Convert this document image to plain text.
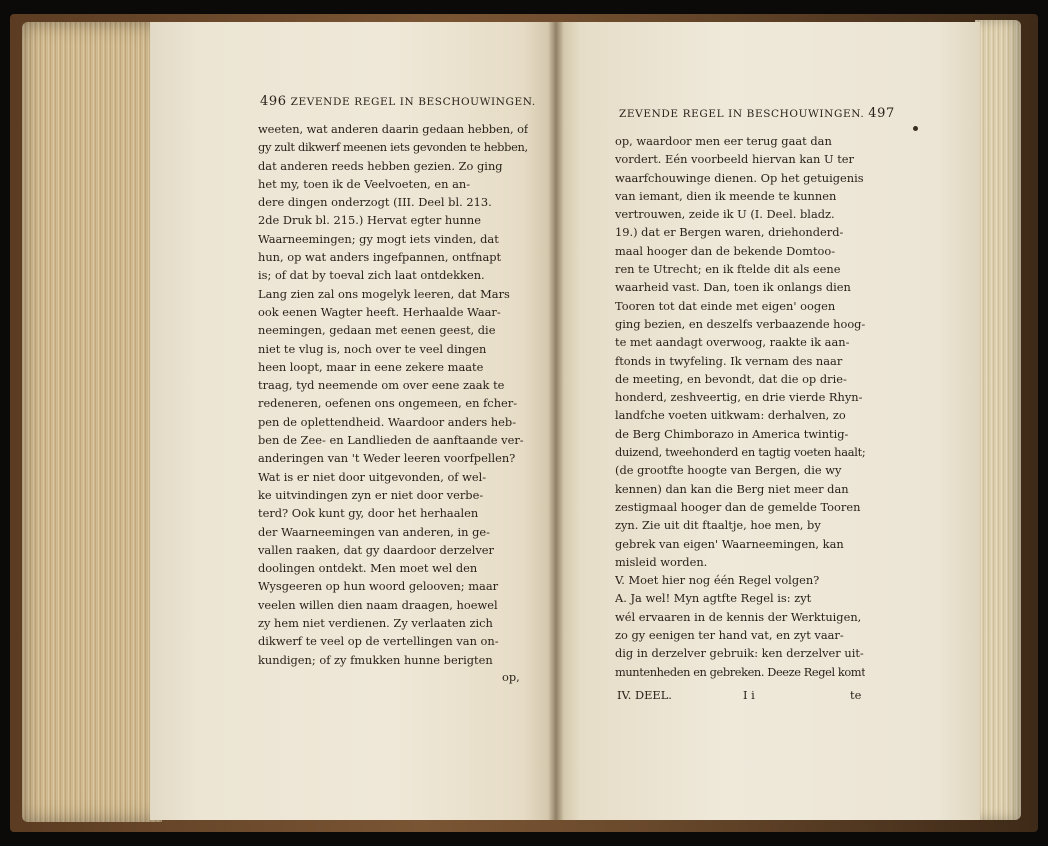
496 ZEVENDE REGEL IN BESCHOUWINGEN.
weeten, wat anderen daarin gedaan hebben, of
gy zult dikwerf meenen iets gevonden te hebben,
dat anderen reeds hebben gezien. Zo ging
het my, toen ik de Veelvoeten, en an-
dere dingen onderzogt (III. Deel bl. 213.
2de Druk bl. 215.) Hervat egter hunne
Waarneemingen; gy mogt iets vinden, dat
hun, op wat anders ingefpannen, ontfnapt
is; of dat by toeval zich laat ontdekken.
Lang zien zal ons mogelyk leeren, dat Mars
ook eenen Wagter heeft. Herhaalde Waar-
neemingen, gedaan met eenen geest, die
niet te vlug is, noch over te veel dingen
heen loopt, maar in eene zekere maate
traag, tyd neemende om over eene zaak te
redeneren, oefenen ons ongemeen, en fcher-
pen de oplettendheid. Waardoor anders heb-
ben de Zee- en Landlieden de aanftaande ver-
anderingen van 't Weder leeren voorfpellen?
Wat is er niet door uitgevonden, of wel-
ke uitvindingen zyn er niet door verbe-
terd? Ook kunt gy, door het herhaalen
der Waarneemingen van anderen, in ge-
vallen raaken, dat gy daardoor derzelver
doolingen ontdekt. Men moet wel den
Wysgeeren op hun woord gelooven; maar
veelen willen dien naam draagen, hoewel
zy hem niet verdienen. Zy verlaaten zich
dikwerf te veel op de vertellingen van on-
kundigen; of zy fmukken hunne berigten
op,
ZEVENDE REGEL IN BESCHOUWINGEN. 497
op, waardoor men eer terug gaat dan
vordert. Eén voorbeeld hiervan kan U ter
waarfchouwinge dienen. Op het getuigenis
van iemant, dien ik meende te kunnen
vertrouwen, zeide ik U (I. Deel. bladz.
19.) dat er Bergen waren, driehonderd-
maal hooger dan de bekende Domtoo-
ren te Utrecht; en ik ftelde dit als eene
waarheid vast. Dan, toen ik onlangs dien
Tooren tot dat einde met eigen' oogen
ging bezien, en deszelfs verbaazende hoog-
te met aandagt overwoog, raakte ik aan-
ftonds in twyfeling. Ik vernam des naar
de meeting, en bevondt, dat die op drie-
honderd, zeshveertig, en drie vierde Rhyn-
landfche voeten uitkwam: derhalven, zo
de Berg Chimborazo in America twintig-
duizend, tweehonderd en tagtig voeten haalt;
(de grootfte hoogte van Bergen, die wy
kennen) dan kan die Berg niet meer dan
zestigmaal hooger dan de gemelde Tooren
zyn. Zie uit dit ftaaltje, hoe men, by
gebrek van eigen' Waarneemingen, kan
misleid worden.
V. Moet hier nog één Regel volgen?
A. Ja wel! Myn agtfte Regel is: zyt
wél ervaaren in de kennis der Werktuigen,
zo gy eenigen ter hand vat, en zyt vaar-
dig in derzelver gebruik: ken derzelver uit-
muntenheden en gebreken. Deeze Regel komt
IV. DEEL.	I i	te
